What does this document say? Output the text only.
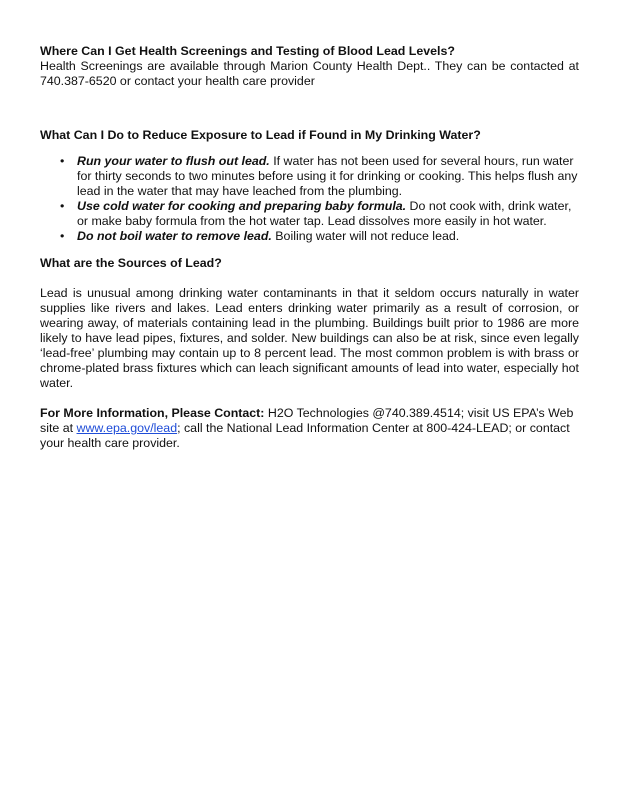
Where Can I Get Health Screenings and Testing of Blood Lead Levels?

Health Screenings are available through Marion County Health Dept.. They can be contacted at 740.387-6520 or contact your health care provider

What Can I Do to Reduce Exposure to Lead if Found in My Drinking Water?
• Run your water to flush out lead. If water has not been used for several hours, run water for thirty seconds to two minutes before using it for drinking or cooking. This helps flush any lead in the water that may have leached from the plumbing.
• Use cold water for cooking and preparing baby formula. Do not cook with, drink water, or make baby formula from the hot water tap. Lead dissolves more easily in hot water.
• Do not boil water to remove lead. Boiling water will not reduce lead.
What are the Sources of Lead?

Lead is unusual among drinking water contaminants in that it seldom occurs naturally in water supplies like rivers and lakes. Lead enters drinking water primarily as a result of corrosion, or wearing away, of materials containing lead in the plumbing. Buildings built prior to 1986 are more likely to have lead pipes, fixtures, and solder. New buildings can also be at risk, since even legally ‘lead-free’ plumbing may contain up to 8 percent lead. The most common problem is with brass or chrome-plated brass fixtures which can leach significant amounts of lead into water, especially hot water.

For More Information, Please Contact: H2O Technologies @740.389.4514; visit US EPA’s Web site at www.epa.gov/lead; call the National Lead Information Center at 800-424-LEAD; or contact your health care provider.
